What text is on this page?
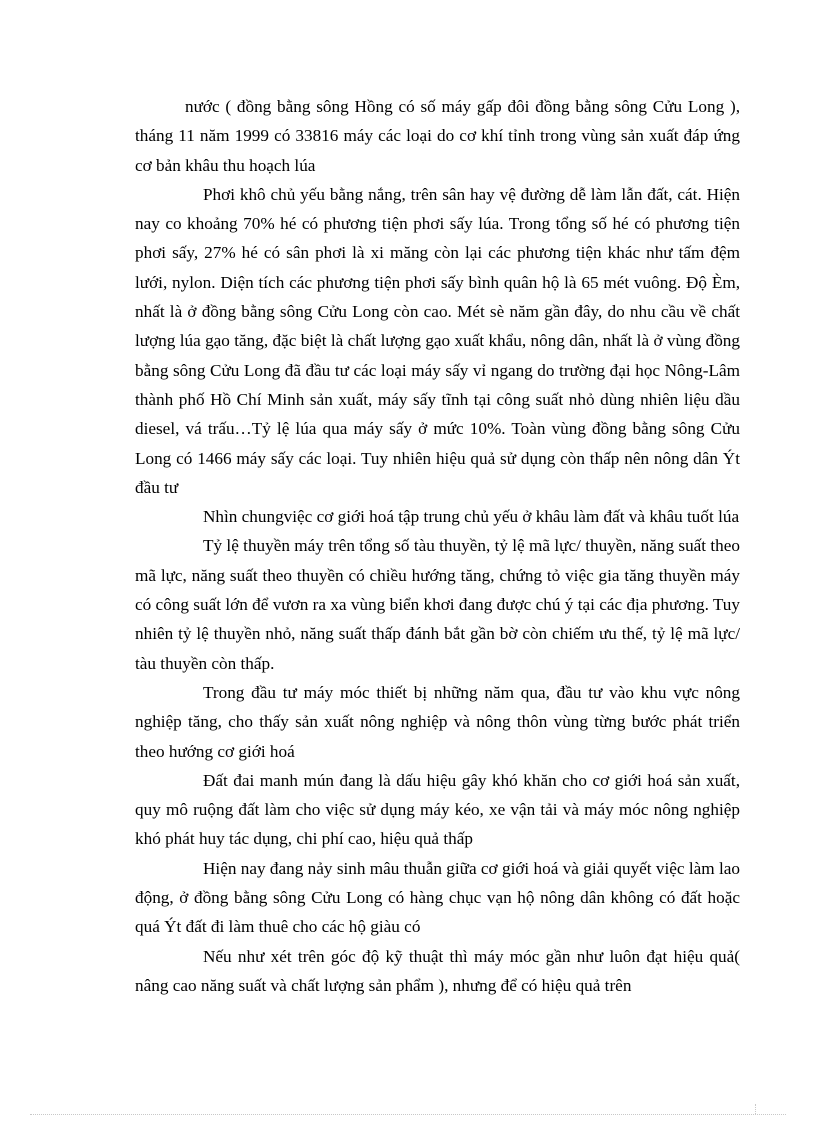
nước ( đồng bằng sông Hồng có số máy gấp đôi đồng bằng sông Cửu Long ), tháng 11 năm 1999 có 33816 máy các loại do cơ khí tỉnh trong vùng sản xuất đáp ứng cơ bản khâu thu hoạch lúa

Phơi khô chủ yếu bằng nắng, trên sân hay vệ đường dễ làm lẫn đất, cát. Hiện nay co khoảng 70% hé có phương tiện phơi sấy lúa. Trong tổng số hé có phương tiện phơi sấy, 27% hé có sân phơi là xi măng còn lại các phương tiện khác như tấm đệm lưới, nylon. Diện tích các phương tiện phơi sấy bình quân hộ là 65 mét vuông. Độ Èm, nhất là ở đồng bằng sông Cửu Long còn cao. Mét sè năm gần đây, do nhu cầu về chất lượng lúa gạo tăng, đặc biệt là chất lượng gạo xuất khẩu, nông dân, nhất là ở vùng đồng bằng sông Cửu Long đã đầu tư các loại máy sấy vỉ ngang do trường đại học Nông-Lâm thành phố Hồ Chí Minh sản xuất, máy sấy tĩnh tại công suất nhỏ dùng nhiên liệu dầu diesel, vá trấu…Tỷ lệ lúa qua máy sấy ở mức 10%. Toàn vùng đồng bằng sông Cửu Long có 1466 máy sấy các loại. Tuy nhiên hiệu quả sử dụng còn thấp nên nông dân Ýt đầu tư

Nhìn chungviệc cơ giới hoá tập trung chủ yếu ở khâu làm đất và khâu tuốt lúa

Tỷ lệ thuyền máy trên tổng số tàu thuyền, tỷ lệ mã lực/ thuyền, năng suất theo mã lực, năng suất theo thuyền có chiều hướng tăng, chứng tỏ việc gia tăng thuyền máy có công suất lớn để vươn ra xa vùng biển khơi đang được chú ý tại các địa phương. Tuy nhiên tỷ lệ thuyền nhỏ, năng suất thấp đánh bắt gần bờ còn chiếm ưu thế, tỷ lệ mã lực/ tàu thuyền còn thấp.

Trong đầu tư máy móc thiết bị những năm qua, đầu tư vào khu vực nông nghiệp tăng, cho thấy sản xuất nông nghiệp và nông thôn vùng từng bước phát triển theo hướng cơ giới hoá

Đất đai manh mún đang là dấu hiệu gây khó khăn cho cơ giới hoá sản xuất, quy mô ruộng đất làm cho việc sử dụng máy kéo, xe vận tải và máy móc nông nghiệp khó phát huy tác dụng, chi phí cao, hiệu quả thấp

Hiện nay đang nảy sinh mâu thuẫn giữa cơ giới hoá và giải quyết việc làm lao động, ở đồng bằng sông Cửu Long có hàng chục vạn hộ nông dân không có đất hoặc quá Ýt đất đi làm thuê cho các hộ giàu có

Nếu như xét trên góc độ kỹ thuật thì máy móc gần như luôn đạt hiệu quả( nâng cao năng suất và chất lượng sản phẩm ), nhưng để có hiệu quả trên
